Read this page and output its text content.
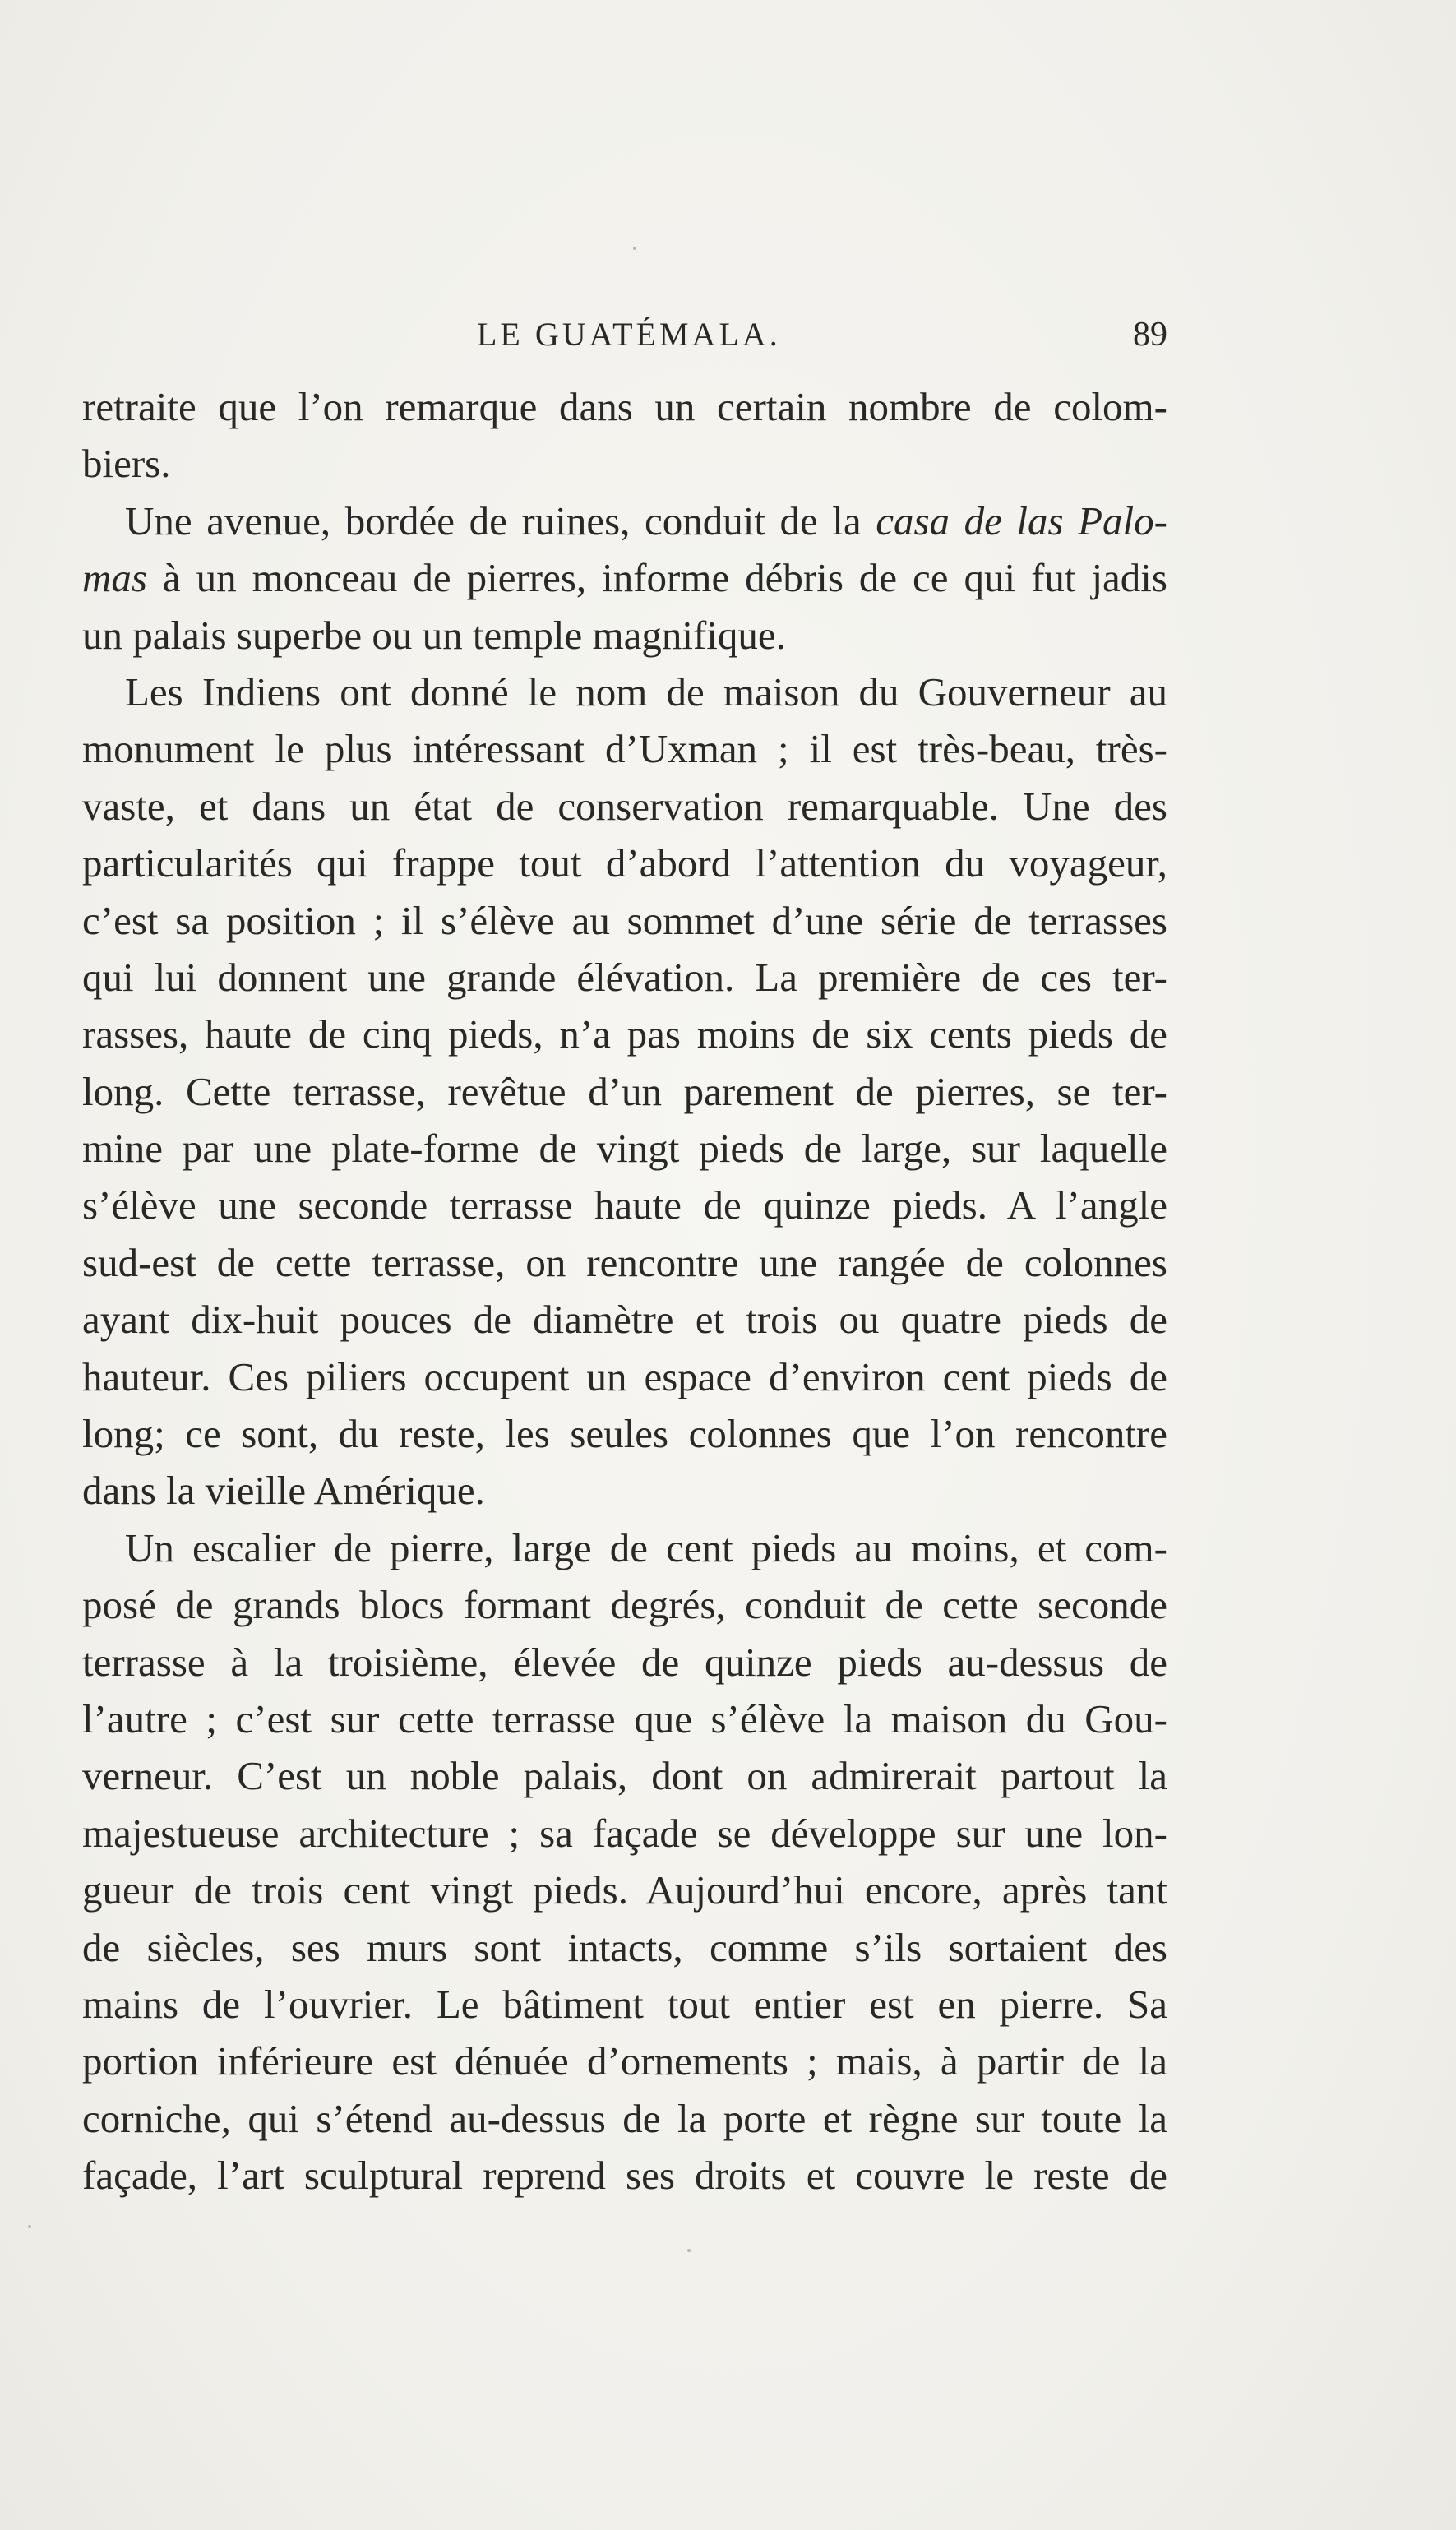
LE GUATÉMALA.	89
retraite que l’on remarque dans un certain nombre de colom-
biers.
Une avenue, bordée de ruines, conduit de la casa de las Palo-
mas à un monceau de pierres, informe débris de ce qui fut jadis
un palais superbe ou un temple magnifique.
Les Indiens ont donné le nom de maison du Gouverneur au
monument le plus intéressant d’Uxman ; il est très-beau, très-
vaste, et dans un état de conservation remarquable. Une des
particularités qui frappe tout d’abord l’attention du voyageur,
c’est sa position ; il s’élève au sommet d’une série de terrasses
qui lui donnent une grande élévation. La première de ces ter-
rasses, haute de cinq pieds, n’a pas moins de six cents pieds de
long. Cette terrasse, revêtue d’un parement de pierres, se ter-
mine par une plate-forme de vingt pieds de large, sur laquelle
s’élève une seconde terrasse haute de quinze pieds. A l’angle
sud-est de cette terrasse, on rencontre une rangée de colonnes
ayant dix-huit pouces de diamètre et trois ou quatre pieds de
hauteur. Ces piliers occupent un espace d’environ cent pieds de
long; ce sont, du reste, les seules colonnes que l’on rencontre
dans la vieille Amérique.
Un escalier de pierre, large de cent pieds au moins, et com-
posé de grands blocs formant degrés, conduit de cette seconde
terrasse à la troisième, élevée de quinze pieds au-dessus de
l’autre ; c’est sur cette terrasse que s’élève la maison du Gou-
verneur. C’est un noble palais, dont on admirerait partout la
majestueuse architecture ; sa façade se développe sur une lon-
gueur de trois cent vingt pieds. Aujourd’hui encore, après tant
de siècles, ses murs sont intacts, comme s’ils sortaient des
mains de l’ouvrier. Le bâtiment tout entier est en pierre. Sa
portion inférieure est dénuée d’ornements ; mais, à partir de la
corniche, qui s’étend au-dessus de la porte et règne sur toute la
façade, l’art sculptural reprend ses droits et couvre le reste de
